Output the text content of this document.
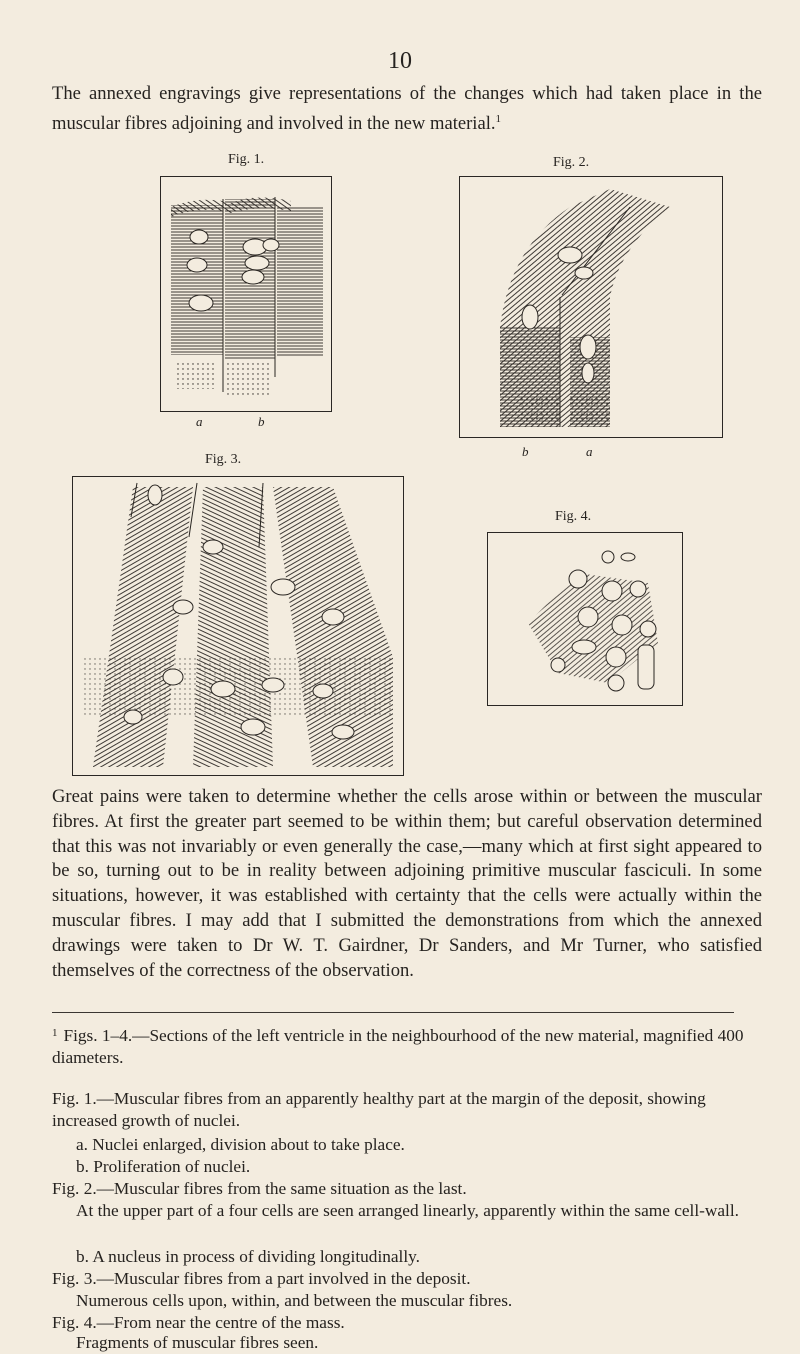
10
The annexed engravings give representations of the changes which had taken place in the muscular fibres adjoining and involved in the new material.$^1$
Fig. 1.
a	b
Fig. 2.
b	a
Fig. 3.
Fig. 4.
Great pains were taken to determine whether the cells arose within or between the muscular fibres. At first the greater part seemed to be within them; but careful observation determined that this was not invariably or even generally the case,—many which at first sight appeared to be so, turning out to be in reality between adjoining primitive muscular fasciculi. In some situations, however, it was established with certainty that the cells were actually within the muscular fibres. I may add that I submitted the demonstrations from which the annexed drawings were taken to Dr W. T. Gairdner, Dr Sanders, and Mr Turner, who satisfied themselves of the correctness of the observation.
$^1$ Figs. 1–4.—Sections of the left ventricle in the neighbourhood of the new material, magnified 400 diameters.
Fig. 1.—Muscular fibres from an apparently healthy part at the margin of the deposit, showing increased growth of nuclei.
a. Nuclei enlarged, division about to take place.
b. Proliferation of nuclei.
Fig. 2.—Muscular fibres from the same situation as the last.
At the upper part of a four cells are seen arranged linearly, apparently within the same cell-wall.
b. A nucleus in process of dividing longitudinally.
Fig. 3.—Muscular fibres from a part involved in the deposit.
Numerous cells upon, within, and between the muscular fibres.
Fig. 4.—From near the centre of the mass.
Fragments of muscular fibres seen.
